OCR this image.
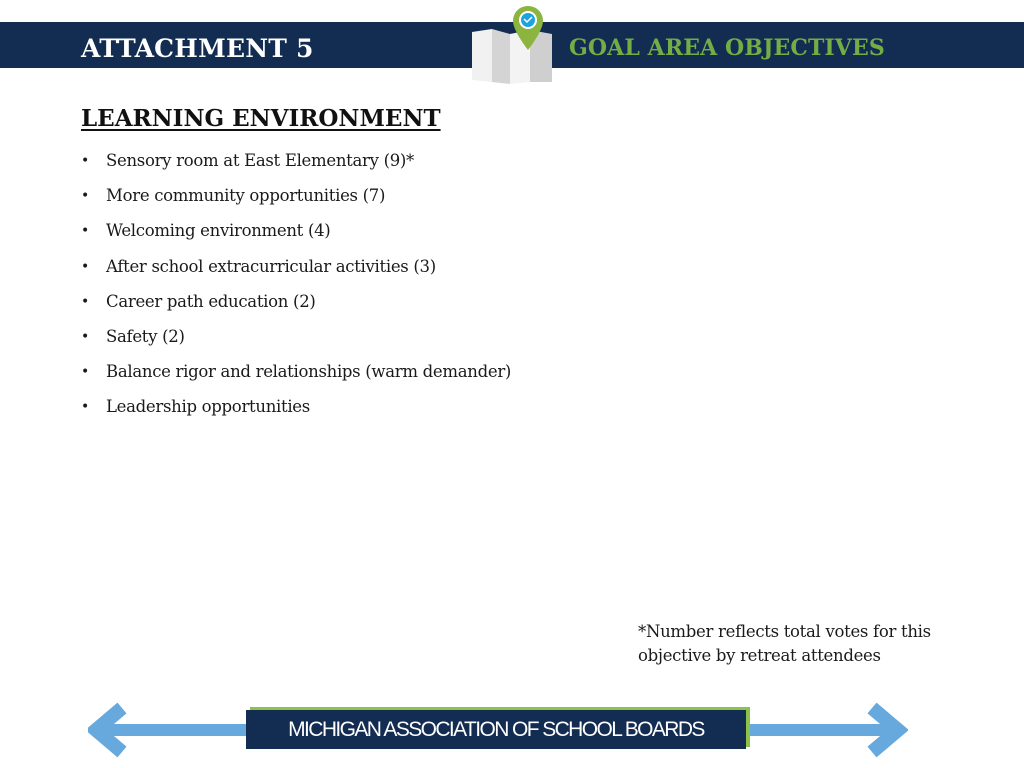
ATTACHMENT 5	GOAL AREA OBJECTIVES
LEARNING ENVIRONMENT
• Sensory room at East Elementary (9)*
• More community opportunities (7)
• Welcoming environment (4)
• After school extracurricular activities (3)
• Career path education (2)
• Safety (2)
• Balance rigor and relationships (warm demander)
• Leadership opportunities
*Number reflects total votes for this objective by retreat attendees
MICHIGAN ASSOCIATION OF SCHOOL BOARDS
